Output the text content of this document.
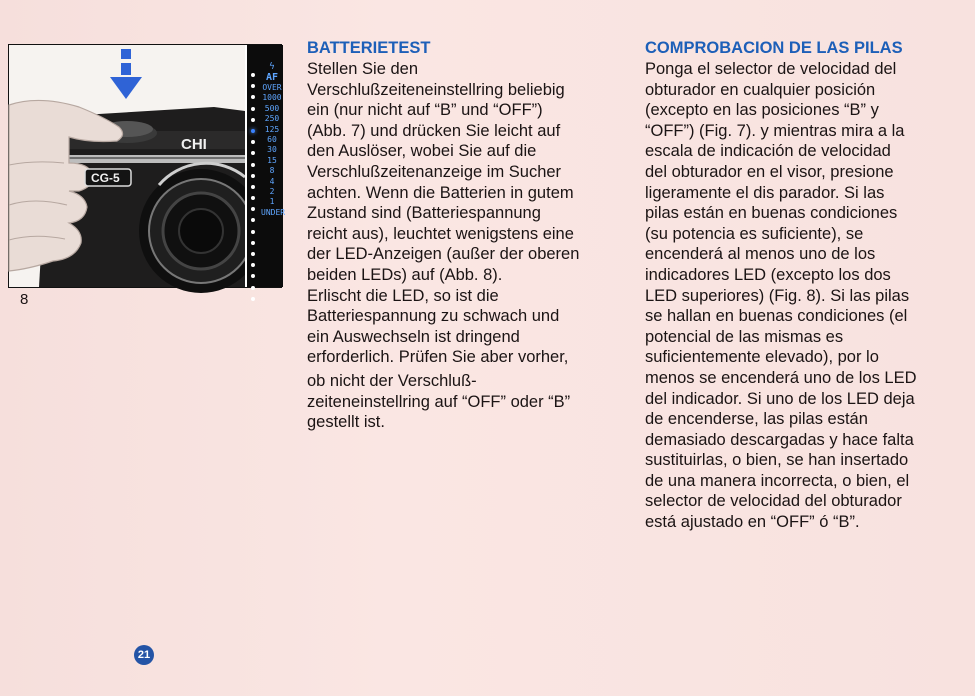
CHI
CG-5
ϟ
AF
OVER
1000
500
250
125
60
30
15
8
4
2
1
UNDER
8
BATTERIETEST

Stellen Sie den
Verschlußzeiteneinstellring beliebig
ein (nur nicht auf “B” und “OFF”)
(Abb. 7) und drücken Sie leicht auf
den Auslöser, wobei Sie auf die
Verschlußzeitenanzeige im Sucher
achten. Wenn die Batterien in gutem
Zustand sind (Batteriespannung
reicht aus), leuchtet wenigstens eine
der LED-Anzeigen (außer der oberen
beiden LEDs) auf (Abb. 8).

Erlischt die LED, so ist die
Batteriespannung zu schwach und
ein Auswechseln ist dringend
erforderlich. Prüfen Sie aber vorher,

ob nicht der Verschluß-
zeiteneinstellring auf “OFF” oder “B”
gestellt ist.

COMPROBACION DE LAS PILAS

Ponga el selector de velocidad del
obturador en cualquier posición
(excepto en las posiciones “B” y
“OFF”) (Fig. 7). y mientras mira a la
escala de indicación de velocidad
del obturador en el visor, presione
ligeramente el dis parador. Si las
pilas están en buenas condiciones
(su potencia es suficiente), se
encenderá al menos uno de los
indicadores LED (excepto los dos
LED superiores) (Fig. 8). Si las pilas
se hallan en buenas condiciones (el
potencial de las mismas es
suficientemente elevado), por lo
menos se encenderá uno de los LED
del indicador. Si uno de los LED deja
de encenderse, las pilas están
demasiado descargadas y hace falta
sustituirlas, o bien, se han insertado
de una manera incorrecta, o bien, el
selector de velocidad del obturador
está ajustado en “OFF” ó “B”.

21
